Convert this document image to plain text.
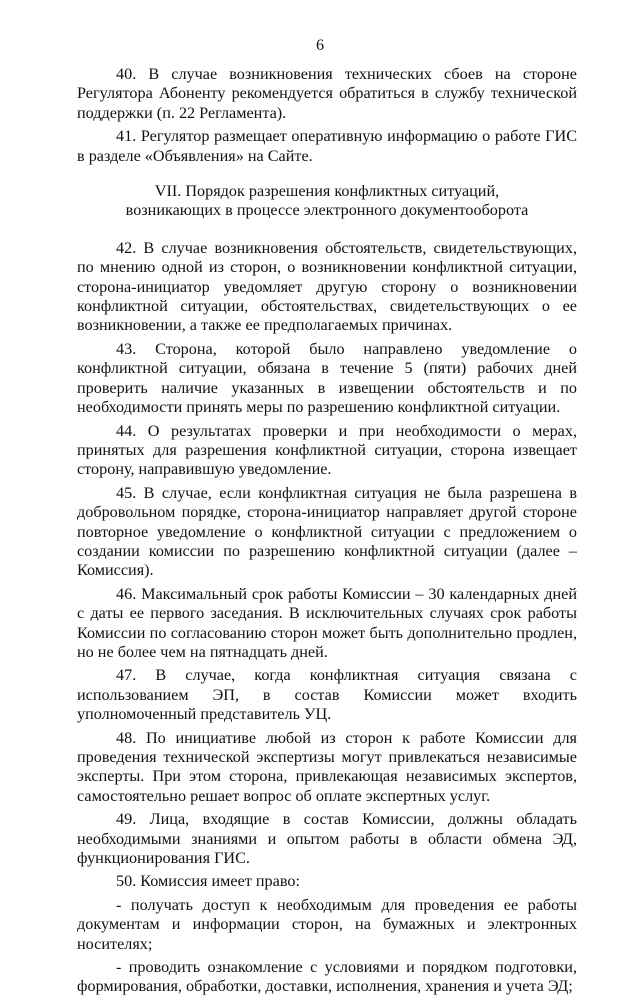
6

40. В случае возникновения технических сбоев на стороне Регулятора Абоненту рекомендуется обратиться в службу технической поддержки (п. 22 Регламента).

41. Регулятор размещает оперативную информацию о работе ГИС в разделе «Объявления» на Сайте.

VII. Порядок разрешения конфликтных ситуаций,
возникающих в процессе электронного документооборота

42. В случае возникновения обстоятельств, свидетельствующих, по мнению одной из сторон, о возникновении конфликтной ситуации, сторона-инициатор уведомляет другую сторону о возникновении конфликтной ситуации, обстоятельствах, свидетельствующих о ее возникновении, а также ее предполагаемых причинах.

43. Сторона, которой было направлено уведомление о конфликтной ситуации, обязана в течение 5 (пяти) рабочих дней проверить наличие указанных в извещении обстоятельств и по необходимости принять меры по разрешению конфликтной ситуации.

44. О результатах проверки и при необходимости о мерах, принятых для разрешения конфликтной ситуации, сторона извещает сторону, направившую уведомление.

45. В случае, если конфликтная ситуация не была разрешена в добровольном порядке, сторона-инициатор направляет другой стороне повторное уведомление о конфликтной ситуации с предложением о создании комиссии по разрешению конфликтной ситуации (далее – Комиссия).

46. Максимальный срок работы Комиссии – 30 календарных дней с даты ее первого заседания. В исключительных случаях срок работы Комиссии по согласованию сторон может быть дополнительно продлен, но не более чем на пятнадцать дней.

47. В случае, когда конфликтная ситуация связана с использованием ЭП, в состав Комиссии может входить уполномоченный представитель УЦ.

48. По инициативе любой из сторон к работе Комиссии для проведения технической экспертизы могут привлекаться независимые эксперты. При этом сторона, привлекающая независимых экспертов, самостоятельно решает вопрос об оплате экспертных услуг.

49. Лица, входящие в состав Комиссии, должны обладать необходимыми знаниями и опытом работы в области обмена ЭД, функционирования ГИС.

50. Комиссия имеет право:

- получать доступ к необходимым для проведения ее работы документам и информации сторон, на бумажных и электронных носителях;

- проводить ознакомление с условиями и порядком подготовки, формирования, обработки, доставки, исполнения, хранения и учета ЭД;
